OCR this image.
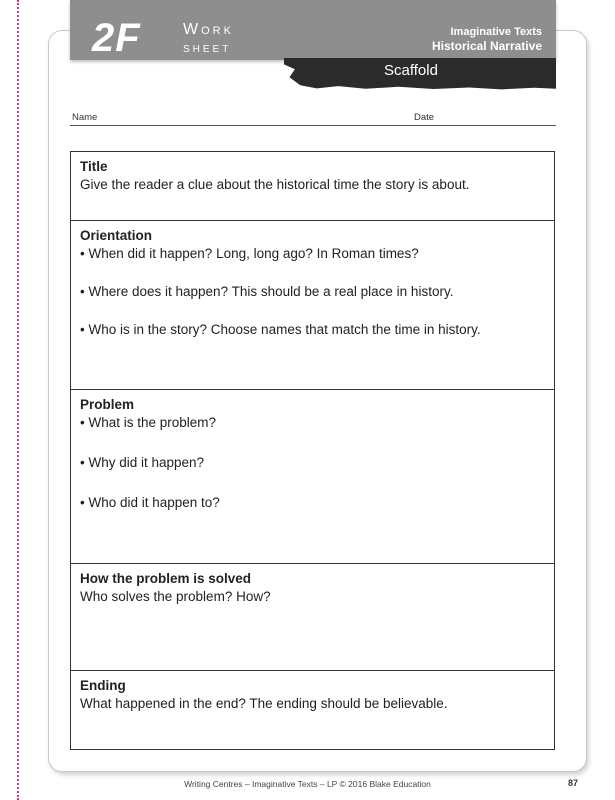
2F	Work
sheet
Imaginative Texts
Historical Narrative
Scaffold
Name	Date
Title
Give the reader a clue about the historical time the story is about.
Orientation
• When did it happen? Long, long ago? In Roman times?
• Where does it happen? This should be a real place in history.
• Who is in the story? Choose names that match the time in history.
Problem
• What is the problem?
• Why did it happen?
• Who did it happen to?
How the problem is solved
Who solves the problem? How?
Ending
What happened in the end? The ending should be believable.
Writing Centres – Imaginative Texts – LP © 2016 Blake Education	87
